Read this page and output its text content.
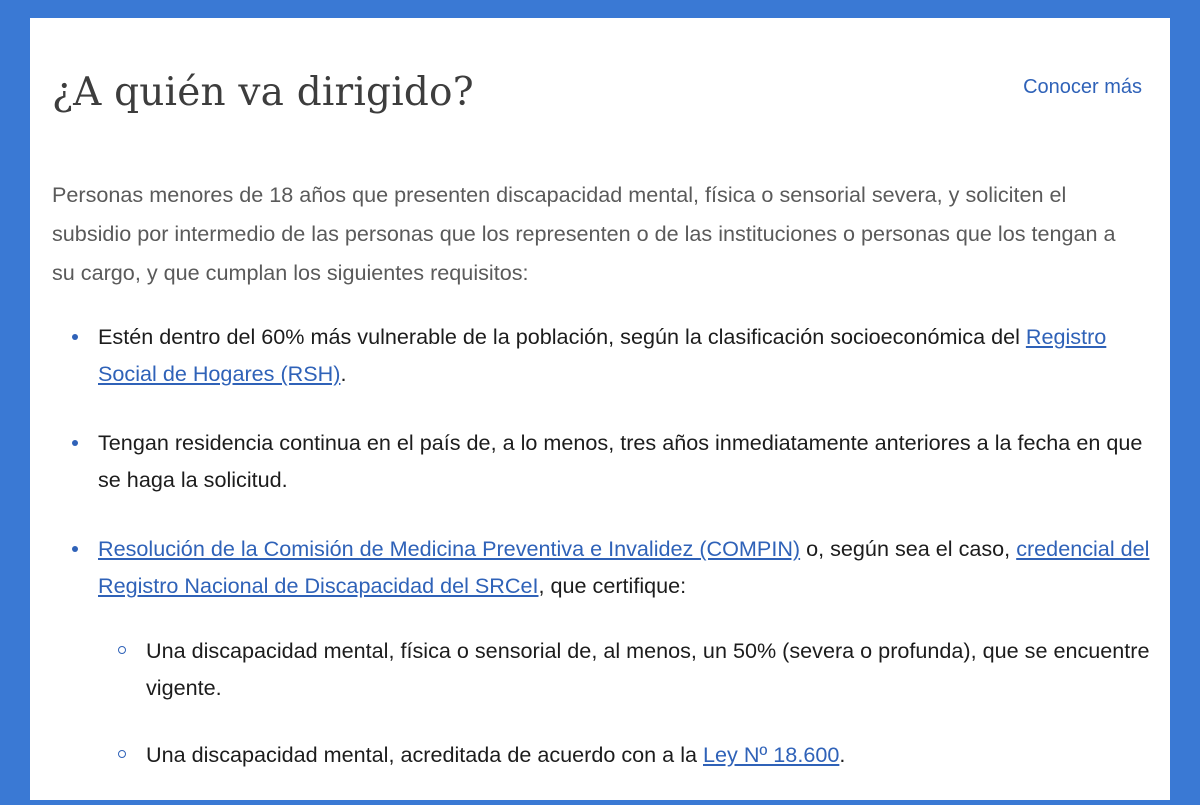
¿A quién va dirigido?	Conocer más

Personas menores de 18 años que presenten discapacidad mental, física o sensorial severa, y soliciten el subsidio por intermedio de las personas que los representen o de las instituciones o personas que los tengan a su cargo, y que cumplan los siguientes requisitos:

Estén dentro del 60% más vulnerable de la población, según la clasificación socioeconómica del Registro Social de Hogares (RSH).
Tengan residencia continua en el país de, a lo menos, tres años inmediatamente anteriores a la fecha en que se haga la solicitud.
Resolución de la Comisión de Medicina Preventiva e Invalidez (COMPIN) o, según sea el caso, credencial del Registro Nacional de Discapacidad del SRCeI, que certifique:
Una discapacidad mental, física o sensorial de, al menos, un 50% (severa o profunda), que se encuentre vigente.
Una discapacidad mental, acreditada de acuerdo con a la Ley Nº 18.600.
